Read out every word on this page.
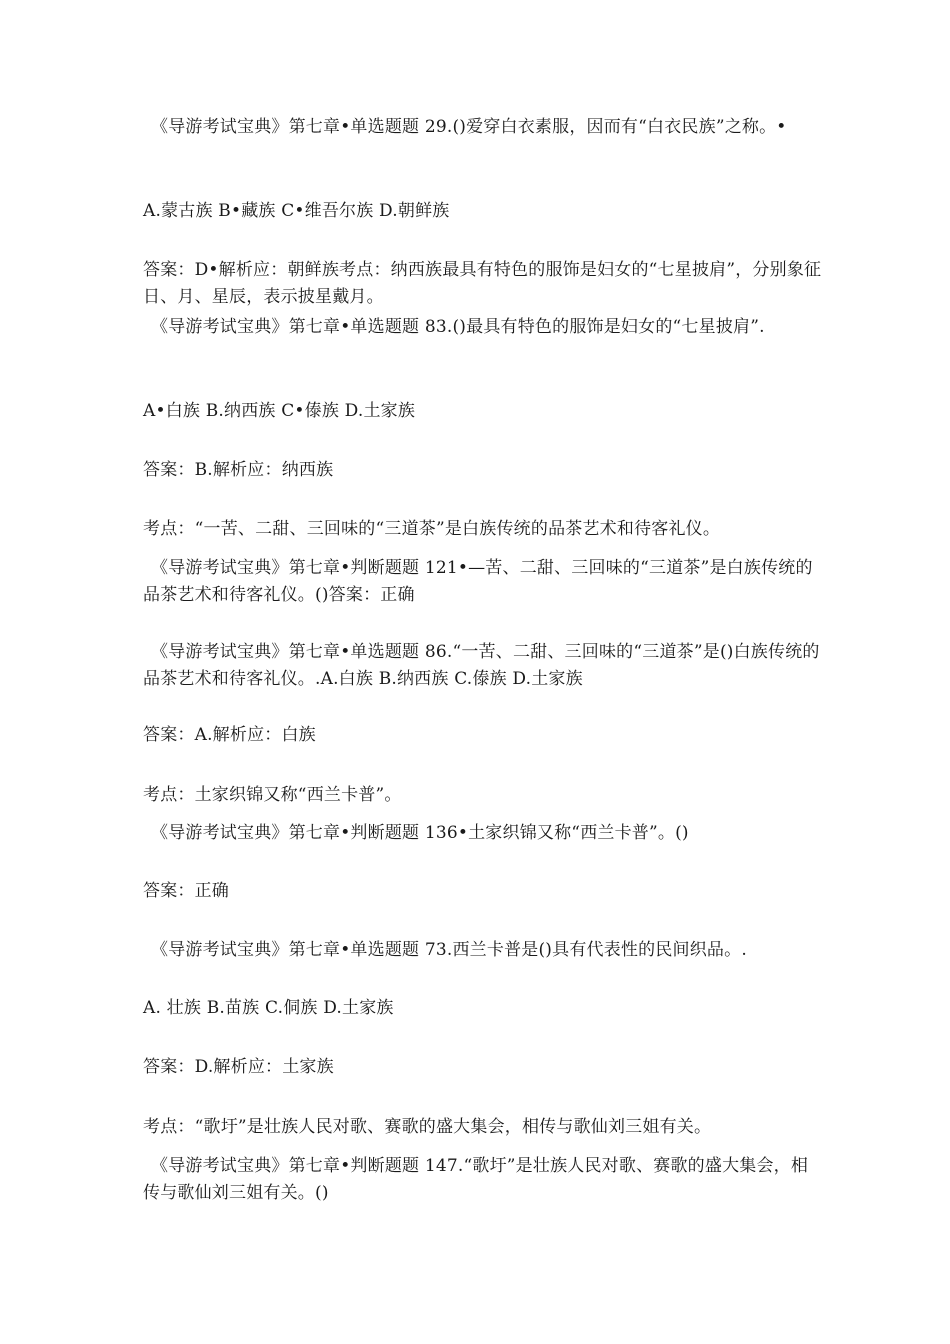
《导游考试宝典》第七章•单选题题 29.()爱穿白衣素服，因而有“白衣民族”之称。•
A.蒙古族 B•藏族 C•维吾尔族 D.朝鲜族
答案：D•解析应：朝鲜族考点：纳西族最具有特色的服饰是妇女的“七星披肩”，分别象征日、月、星辰，表示披星戴月。
《导游考试宝典》第七章•单选题题 83.()最具有特色的服饰是妇女的“七星披肩”.
A•白族 B.纳西族 C•傣族 D.土家族
答案：B.解析应：纳西族
考点：“一苦、二甜、三回味的“三道茶”是白族传统的品茶艺术和待客礼仪。
《导游考试宝典》第七章•判断题题 121•—苦、二甜、三回味的“三道茶”是白族传统的品茶艺术和待客礼仪。()答案：正确
《导游考试宝典》第七章•单选题题 86.“一苦、二甜、三回味的“三道茶”是()白族传统的品茶艺术和待客礼仪。.A.白族 B.纳西族 C.傣族 D.土家族
答案：A.解析应：白族
考点：土家织锦又称“西兰卡普”。
《导游考试宝典》第七章•判断题题 136•土家织锦又称“西兰卡普”。()
答案：正确
《导游考试宝典》第七章•单选题题 73.西兰卡普是()具有代表性的民间织品。.
A. 壮族 B.苗族 C.侗族 D.土家族
答案：D.解析应：土家族
考点：“歌圩”是壮族人民对歌、赛歌的盛大集会，相传与歌仙刘三姐有关。
《导游考试宝典》第七章•判断题题 147.“歌圩”是壮族人民对歌、赛歌的盛大集会，相传与歌仙刘三姐有关。()
